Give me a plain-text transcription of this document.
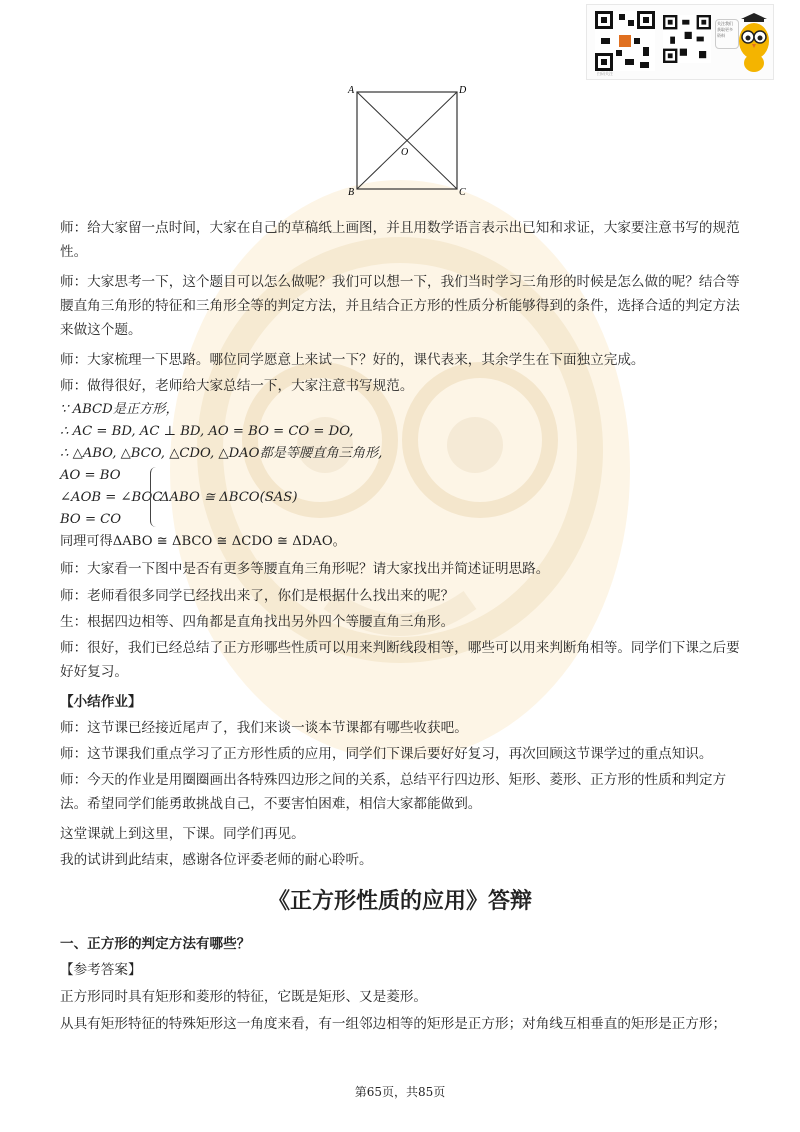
扫码关注
关注我们
获取更多
资料
A	D
B	C
O

师：给大家留一点时间，大家在自己的草稿纸上画图，并且用数学语言表示出已知和求证，大家要注意书写的规范性。

师：大家思考一下，这个题目可以怎么做呢？我们可以想一下，我们当时学习三角形的时候是怎么做的呢？结合等腰直角三角形的特征和三角形全等的判定方法，并且结合正方形的性质分析能够得到的条件，选择合适的判定方法来做这个题。

师：大家梳理一下思路。哪位同学愿意上来试一下？好的，课代表来，其余学生在下面独立完成。

师：做得很好，老师给大家总结一下，大家注意书写规范。

∵ ABCD是正方形，

∴ AC = BD, AC ⊥ BD, AO = BO = CO = DO,

∴ △ABO, △BCO, △CDO, △DAO都是等腰直角三角形,

AO = BO

∠AOB = ∠BOC

BO = CO

ΔABO ≅ ΔBCO(SAS)

同理可得ΔABO ≅ ΔBCO ≅ ΔCDO ≅ ΔDAO。

师：大家看一下图中是否有更多等腰直角三角形呢？请大家找出并简述证明思路。

师：老师看很多同学已经找出来了，你们是根据什么找出来的呢？

生：根据四边相等、四角都是直角找出另外四个等腰直角三角形。

师：很好，我们已经总结了正方形哪些性质可以用来判断线段相等，哪些可以用来判断角相等。同学们下课之后要好好复习。

【小结作业】

师：这节课已经接近尾声了，我们来谈一谈本节课都有哪些收获吧。

师：这节课我们重点学习了正方形性质的应用，同学们下课后要好好复习，再次回顾这节课学过的重点知识。

师：今天的作业是用圈圈画出各特殊四边形之间的关系，总结平行四边形、矩形、菱形、正方形的性质和判定方法。希望同学们能勇敢挑战自己，不要害怕困难，相信大家都能做到。

这堂课就上到这里，下课。同学们再见。

我的试讲到此结束，感谢各位评委老师的耐心聆听。

《正方形性质的应用》答辩

一、正方形的判定方法有哪些？

【参考答案】

正方形同时具有矩形和菱形的特征，它既是矩形、又是菱形。

从具有矩形特征的特殊矩形这一角度来看，有一组邻边相等的矩形是正方形；对角线互相垂直的矩形是正方形；

第65页，共85页
